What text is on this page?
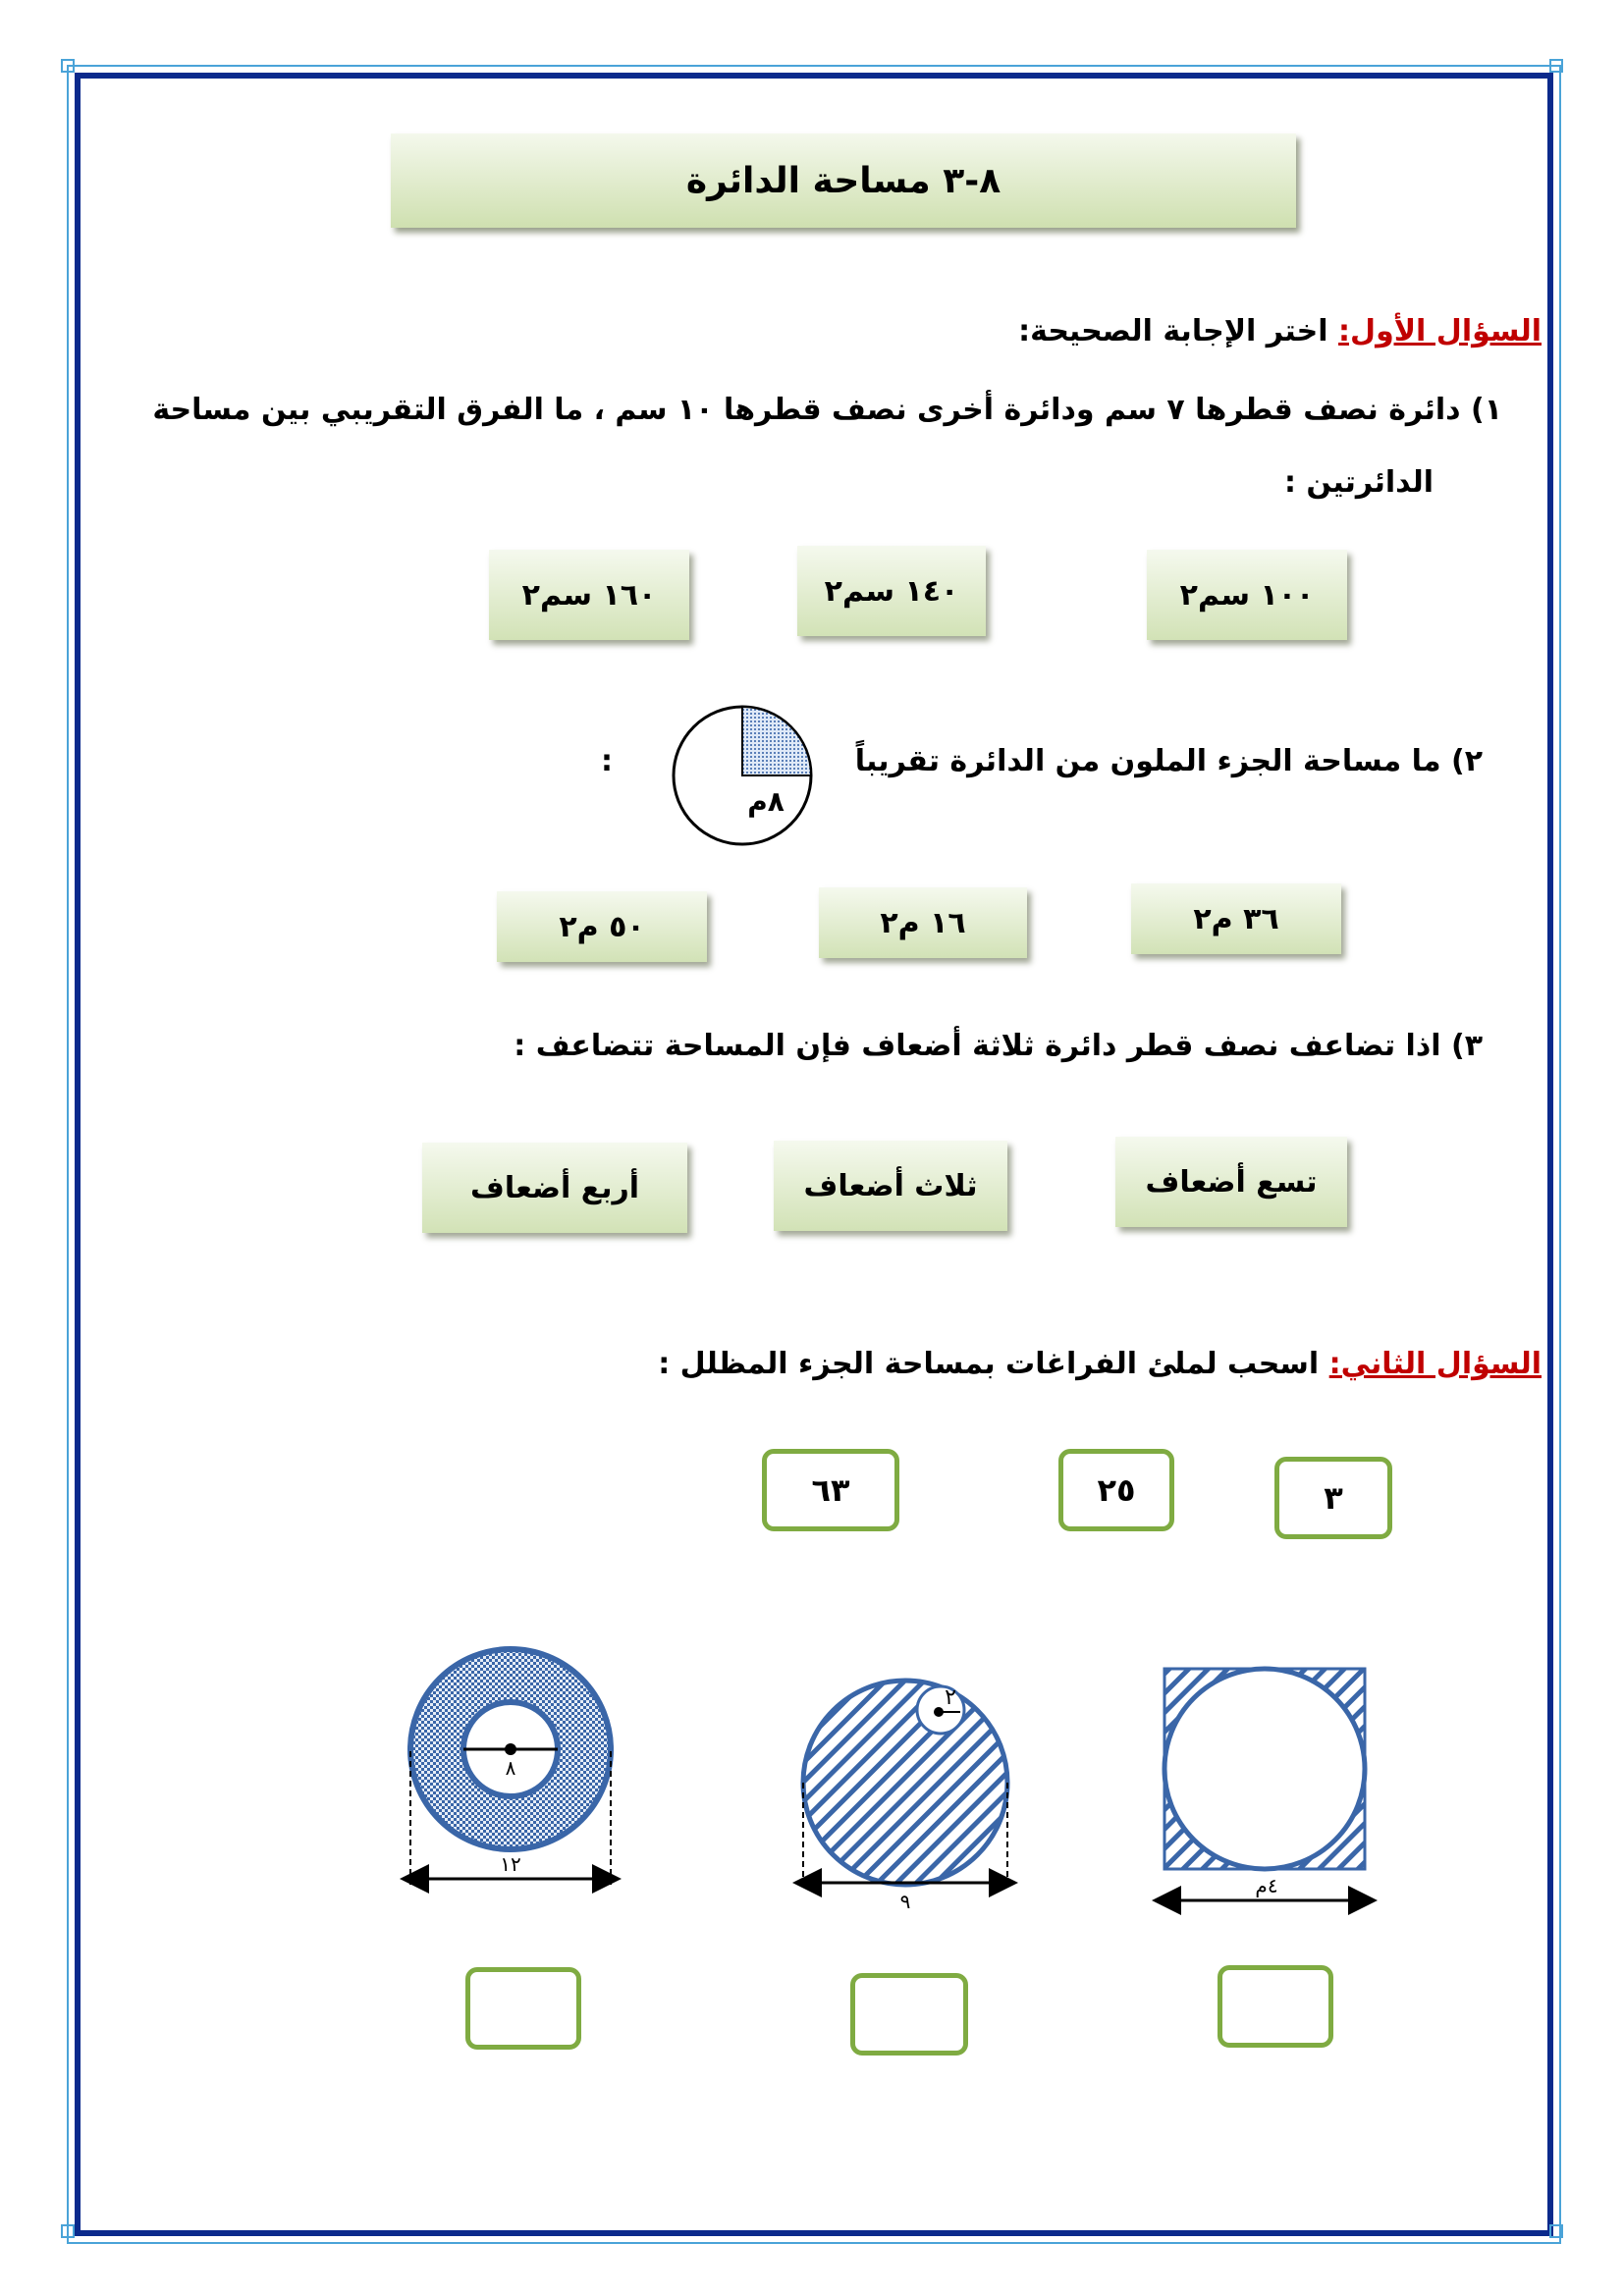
٨-٣ مساحة الدائرة
السؤال الأول: اختر الإجابة الصحيحة:
١) دائرة نصف قطرها ٧ سم ودائرة أخرى نصف قطرها ١٠ سم ، ما الفرق التقريبي بين مساحة
الدائرتين :
١٠٠ سم٢
١٤٠ سم٢
١٦٠ سم٢
٢) ما مساحة الجزء الملون من الدائرة تقريباً
:
٨م
٣٦ م٢
١٦ م٢
٥٠ م٢
٣) اذا تضاعف نصف قطر دائرة ثلاثة أضعاف فإن المساحة تتضاعف :
تسع أضعاف
ثلاث أضعاف
أربع أضعاف
السؤال الثاني: اسحب لملئ الفراغات بمساحة الجزء المظلل :
٣
٢٥
٦٣
٤م
٢
٩
٨
١٢
